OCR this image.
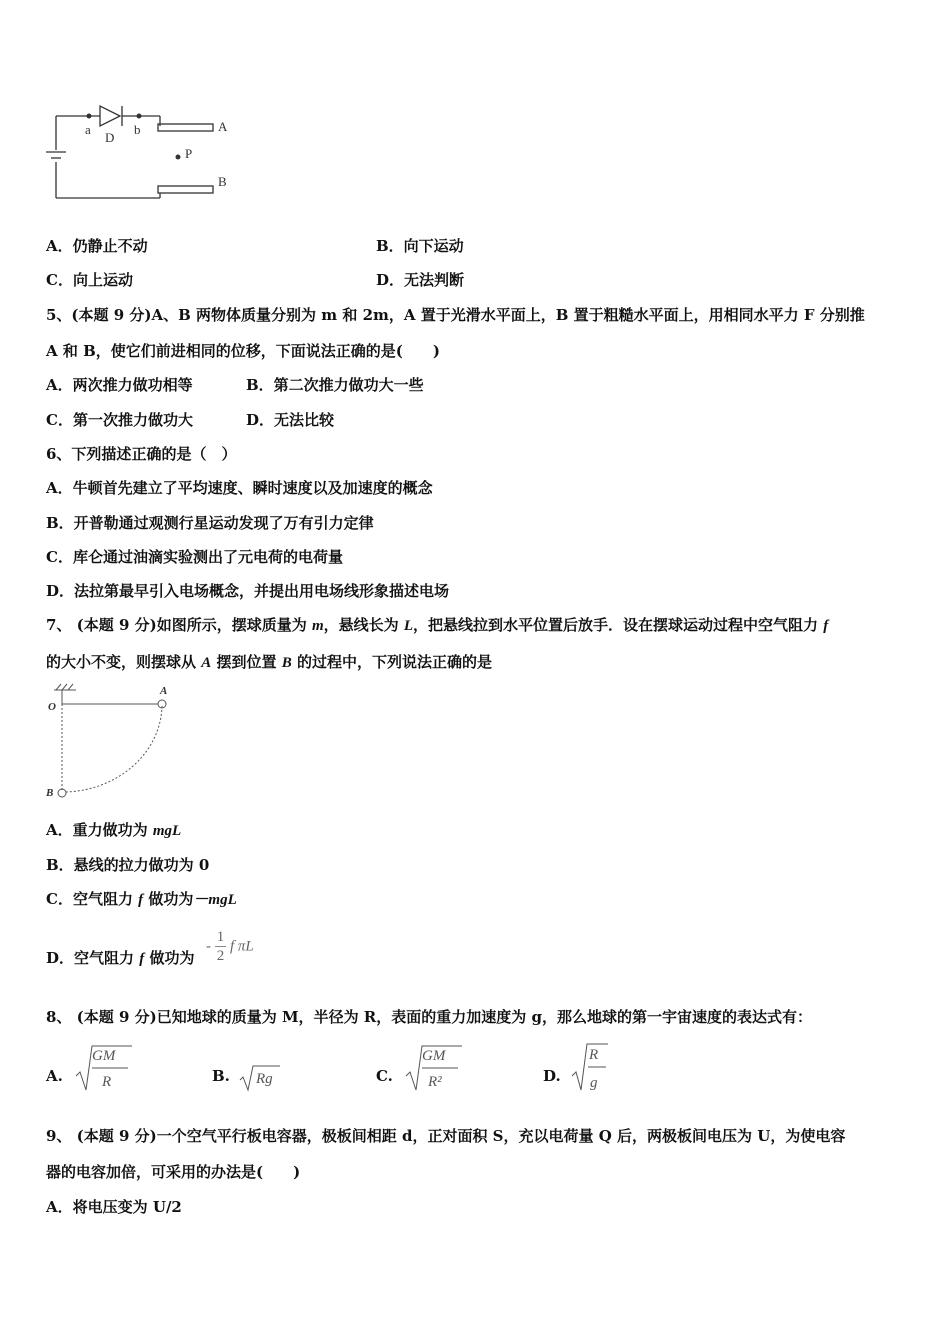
a
D
b	A
P
B
A．仍静止不动	B．向下运动
C．向上运动	D．无法判断
5、(本题 9 分)A、B 两物体质量分别为 m 和 2m，A 置于光滑水平面上，B 置于粗糙水平面上，用相同水平力 F 分别推
A 和 B，使它们前进相同的位移，下面说法正确的是(　　)
A．两次推力做功相等	B．第二次推力做功大一些
C．第一次推力做功大	D．无法比较
6、下列描述正确的是（　）
A．牛顿首先建立了平均速度、瞬时速度以及加速度的概念
B．开普勒通过观测行星运动发现了万有引力定律
C．库仑通过油滴实验测出了元电荷的电荷量
D．法拉第最早引入电场概念，并提出用电场线形象描述电场
7、 (本题 9 分)如图所示，摆球质量为 m，悬线长为 L，把悬线拉到水平位置后放手．设在摆球运动过程中空气阻力 f
的大小不变，则摆球从 A 摆到位置 B 的过程中，下列说法正确的是
O
A
B
A．重力做功为 mgL
B．悬线的拉力做功为 0
C．空气阻力 f 做功为－mgL
D．空气阻力 f 做功为
- $\frac{1}{2}$ f πL
8、 (本题 9 分)已知地球的质量为 M，半径为 R，表面的重力加速度为 g，那么地球的第一宇宙速度的表达式有：
A.
GM
R	B. Rg	C.
GM
R²	D.
R
g
9、 (本题 9 分)一个空气平行板电容器，极板间相距 d，正对面积 S，充以电荷量 Q 后，两极板间电压为 U，为使电容
器的电容加倍，可采用的办法是(　　)
A．将电压变为 U/2
